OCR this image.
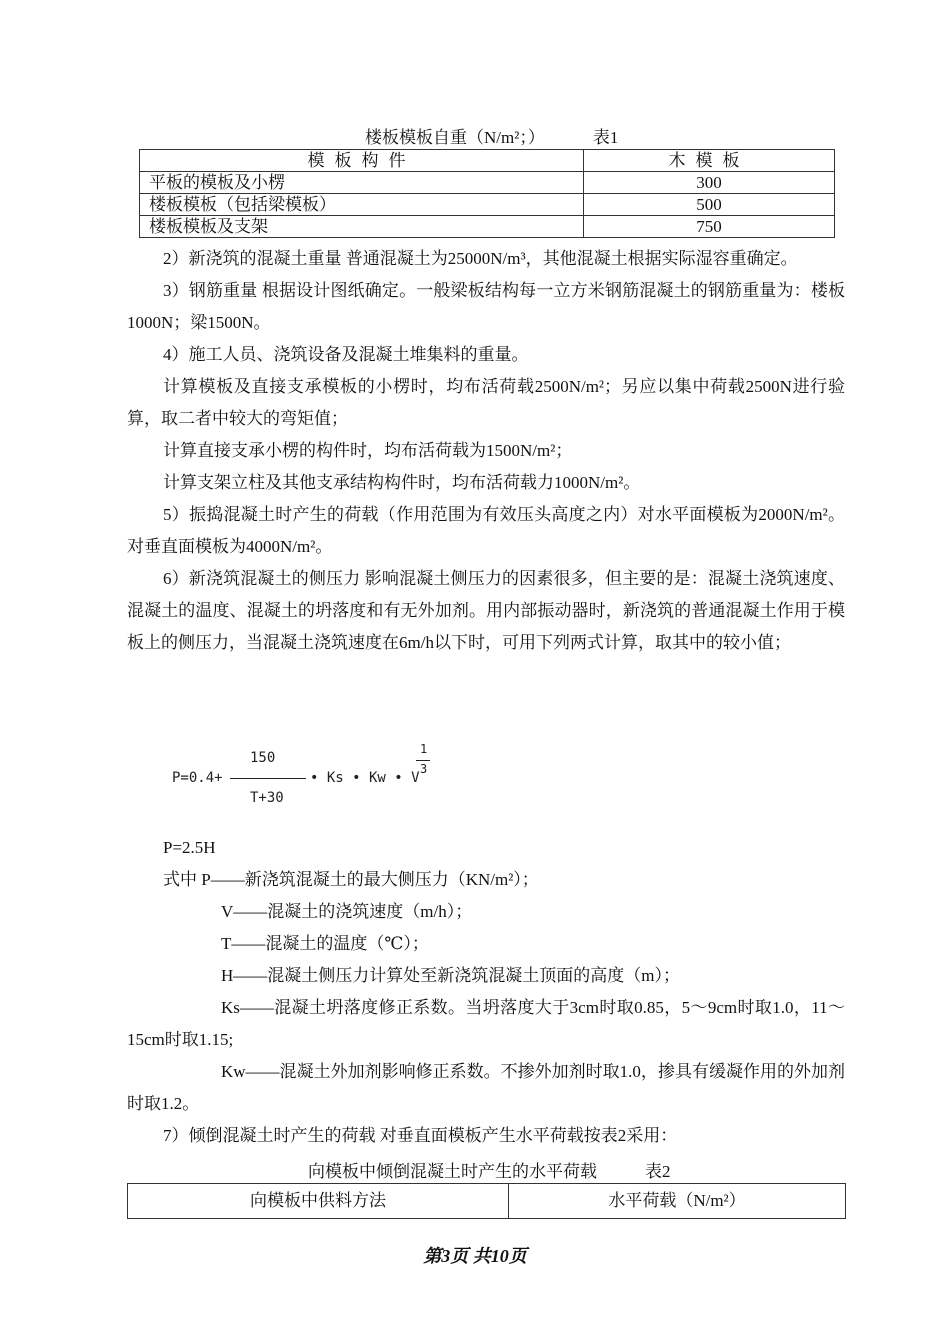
楼板模板自重（N/m²；）	表1
模板构件	木模板
平板的模板及小楞	300
楼板模板（包括梁模板）	500
楼板模板及支架	750

2）新浇筑的混凝土重量 普通混凝土为25000N/m³，其他混凝土根据实际湿容重确定。

3）钢筋重量 根据设计图纸确定。一般梁板结构每一立方米钢筋混凝土的钢筋重量为：楼板1000N；梁1500N。

4）施工人员、浇筑设备及混凝土堆集料的重量。

计算模板及直接支承模板的小楞时，均布活荷载2500N/m²；另应以集中荷载2500N进行验算，取二者中较大的弯矩值；

计算直接支承小楞的构件时，均布活荷载为1500N/m²；

计算支架立柱及其他支承结构构件时，均布活荷载力1000N/m²。

5）振捣混凝土时产生的荷载（作用范围为有效压头高度之内）对水平面模板为2000N/m²。对垂直面模板为4000N/m²。

6）新浇筑混凝土的侧压力 影响混凝土侧压力的因素很多，但主要的是：混凝土浇筑速度、混凝土的温度、混凝土的坍落度和有无外加剂。用内部振动器时，新浇筑的普通混凝土作用于模板上的侧压力，当混凝土浇筑速度在6m/h以下时，可用下列两式计算，取其中的较小值；

P=0.4+
150
T+30
• Ks • Kw • V
1
3

P=2.5H

式中 P——新浇筑混凝土的最大侧压力（KN/m²）；

V——混凝土的浇筑速度（m/h）；

T——混凝土的温度（℃）；

H——混凝土侧压力计算处至新浇筑混凝土顶面的高度（m）；

Ks——混凝土坍落度修正系数。当坍落度大于3cm时取0.85，5～9cm时取1.0，11～15cm时取1.15;

Kw——混凝土外加剂影响修正系数。不掺外加剂时取1.0，掺具有缓凝作用的外加剂时取1.2。

7）倾倒混凝土时产生的荷载 对垂直面模板产生水平荷载按表2采用：

向模板中倾倒混凝土时产生的水平荷载	表2
向模板中供料方法	水平荷载（N/m²）
第3页 共10页
